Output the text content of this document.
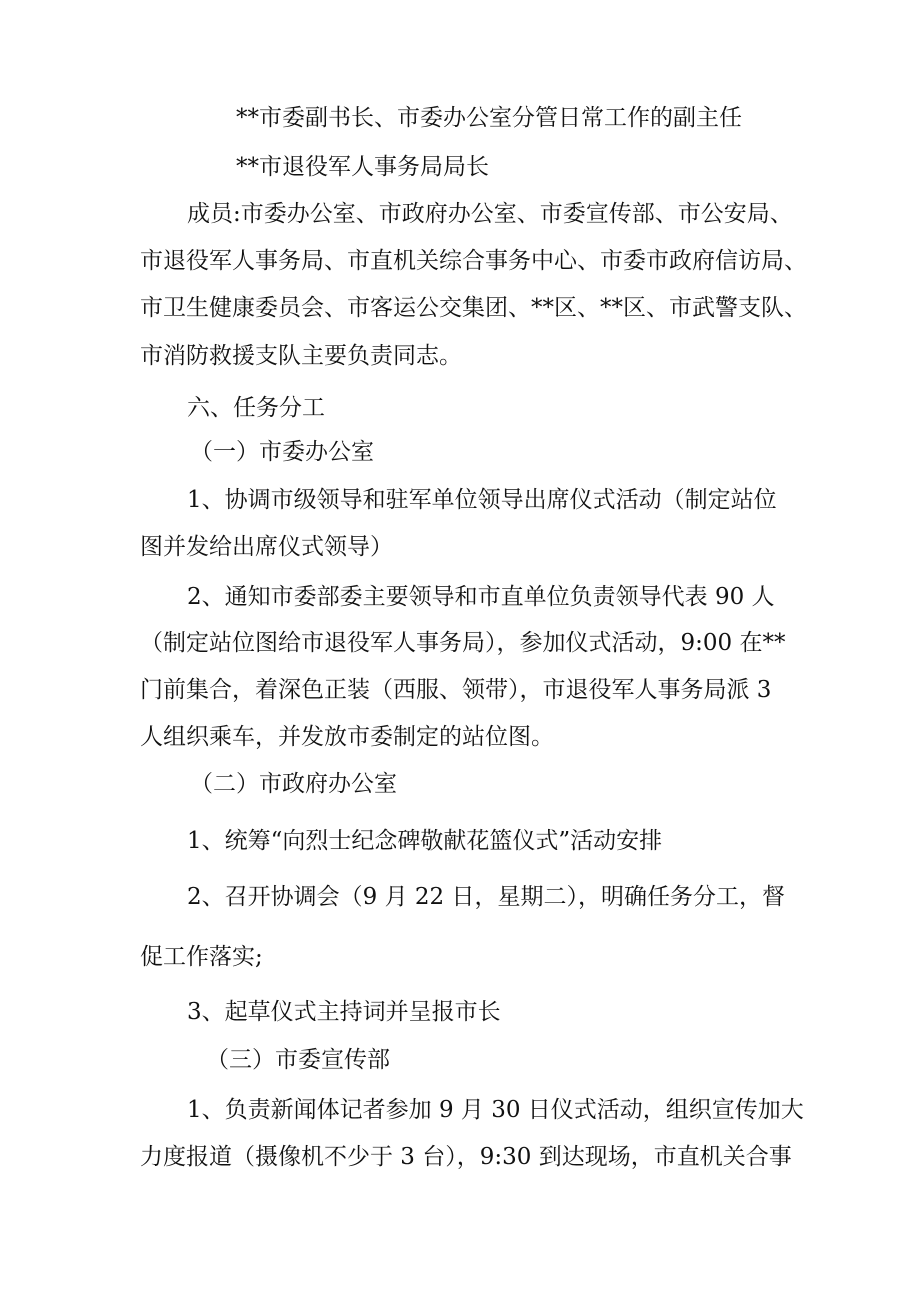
**市委副书长、市委办公室分管日常工作的副主任
**市退役军人事务局局长
成员:市委办公室、市政府办公室、市委宣传部、市公安局、
市退役军人事务局、市直机关综合事务中心、市委市政府信访局、
市卫生健康委员会、市客运公交集团、**区、**区、市武警支队、
市消防救援支队主要负责同志。
六、任务分工
（一）市委办公室
1、协调市级领导和驻军单位领导出席仪式活动（制定站位
图并发给出席仪式领导）
2、通知市委部委主要领导和市直单位负责领导代表 90 人
（制定站位图给市退役军人事务局），参加仪式活动，9:00 在**
门前集合，着深色正装（西服、领带），市退役军人事务局派 3
人组织乘车，并发放市委制定的站位图。
（二）市政府办公室
1、统筹“向烈士纪念碑敬献花篮仪式”活动安排
2、召开协调会（9 月 22 日，星期二），明确任务分工，督
促工作落实;
3、起草仪式主持词并呈报市长
（三）市委宣传部
1、负责新闻体记者参加 9 月 30 日仪式活动，组织宣传加大
力度报道（摄像机不少于 3 台），9:30 到达现场，市直机关合事
